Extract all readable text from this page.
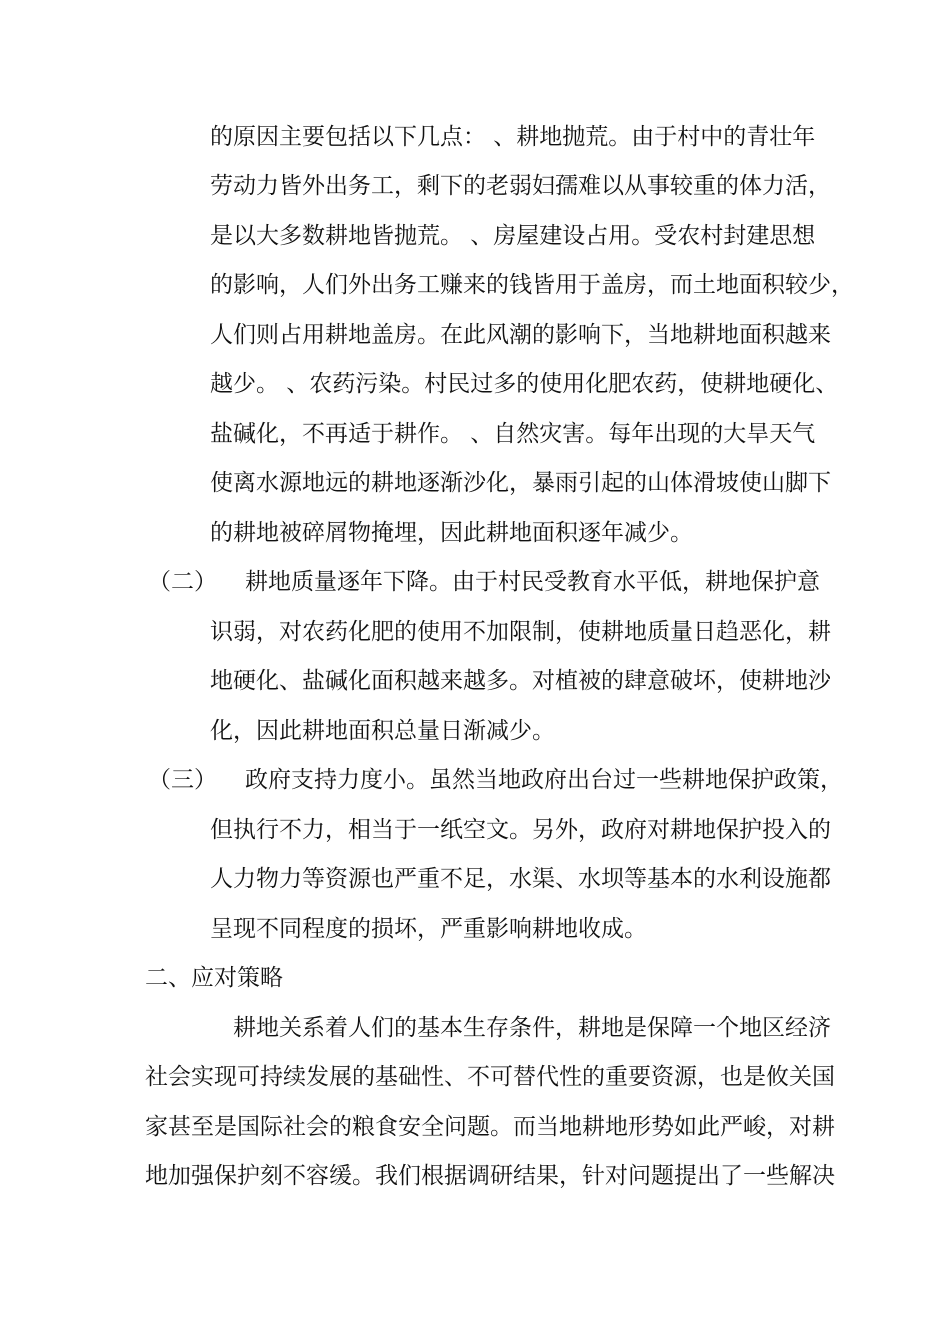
的原因主要包括以下几点： 、耕地抛荒。由于村中的青壮年
劳动力皆外出务工，剩下的老弱妇孺难以从事较重的体力活，
是以大多数耕地皆抛荒。 、房屋建设占用。受农村封建思想
的影响，人们外出务工赚来的钱皆用于盖房，而土地面积较少，
人们则占用耕地盖房。在此风潮的影响下，当地耕地面积越来
越少。 、农药污染。村民过多的使用化肥农药，使耕地硬化、
盐碱化，不再适于耕作。 、自然灾害。每年出现的大旱天气
使离水源地远的耕地逐渐沙化，暴雨引起的山体滑坡使山脚下
的耕地被碎屑物掩埋，因此耕地面积逐年减少。
（二） 耕地质量逐年下降。由于村民受教育水平低，耕地保护意
识弱，对农药化肥的使用不加限制，使耕地质量日趋恶化，耕
地硬化、盐碱化面积越来越多。对植被的肆意破坏，使耕地沙
化，因此耕地面积总量日渐减少。
（三） 政府支持力度小。虽然当地政府出台过一些耕地保护政策，
但执行不力，相当于一纸空文。另外，政府对耕地保护投入的
人力物力等资源也严重不足，水渠、水坝等基本的水利设施都
呈现不同程度的损坏，严重影响耕地收成。
二、应对策略
耕地关系着人们的基本生存条件，耕地是保障一个地区经济
社会实现可持续发展的基础性、不可替代性的重要资源，也是攸关国
家甚至是国际社会的粮食安全问题。而当地耕地形势如此严峻，对耕
地加强保护刻不容缓。我们根据调研结果，针对问题提出了一些解决
